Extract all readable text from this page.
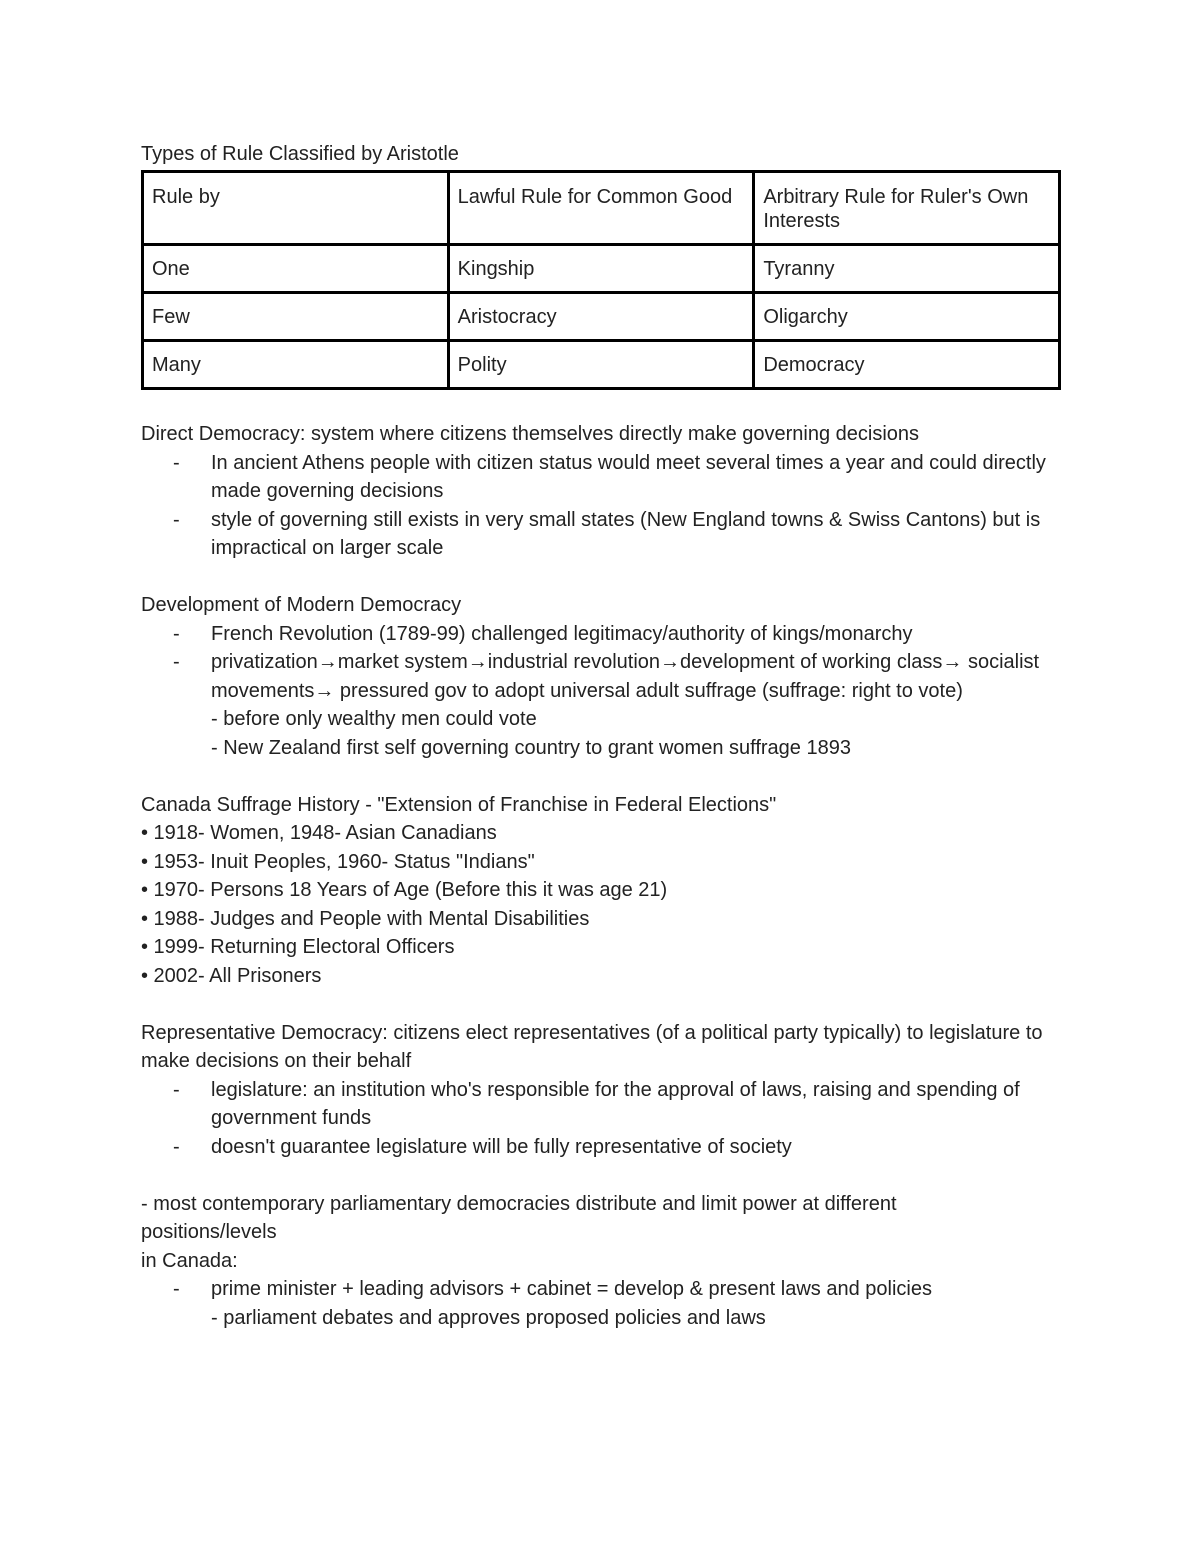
Types of Rule Classified by Aristotle
Rule by	Lawful Rule for Common Good	Arbitrary Rule for Ruler's Own Interests
One	Kingship	Tyranny
Few	Aristocracy	Oligarchy
Many	Polity	Democracy
Direct Democracy: system where citizens themselves directly make governing decisions
- In ancient Athens people with citizen status would meet several times a year and could directly made governing decisions
- style of governing still exists in very small states (New England towns & Swiss Cantons) but is impractical on larger scale
Development of Modern Democracy
- French Revolution (1789-99) challenged legitimacy/authority of kings/monarchy
- privatization→market system→industrial revolution→development of working class→ socialist movements→ pressured gov to adopt universal adult suffrage (suffrage: right to vote)
- before only wealthy men could vote
- New Zealand first self governing country to grant women suffrage 1893
Canada Suffrage History - "Extension of Franchise in Federal Elections"
• 1918- Women, 1948- Asian Canadians
• 1953- Inuit Peoples, 1960- Status "Indians"
• 1970- Persons 18 Years of Age (Before this it was age 21)
• 1988- Judges and People with Mental Disabilities
• 1999- Returning Electoral Officers
• 2002- All Prisoners
Representative Democracy: citizens elect representatives (of a political party typically) to legislature to make decisions on their behalf
- legislature: an institution who's responsible for the approval of laws, raising and spending of government funds
- doesn't guarantee legislature will be fully representative of society
- most contemporary parliamentary democracies distribute and limit power at different positions/levels
in Canada:
- prime minister + leading advisors + cabinet = develop & present laws and policies
- parliament debates and approves proposed policies and laws
